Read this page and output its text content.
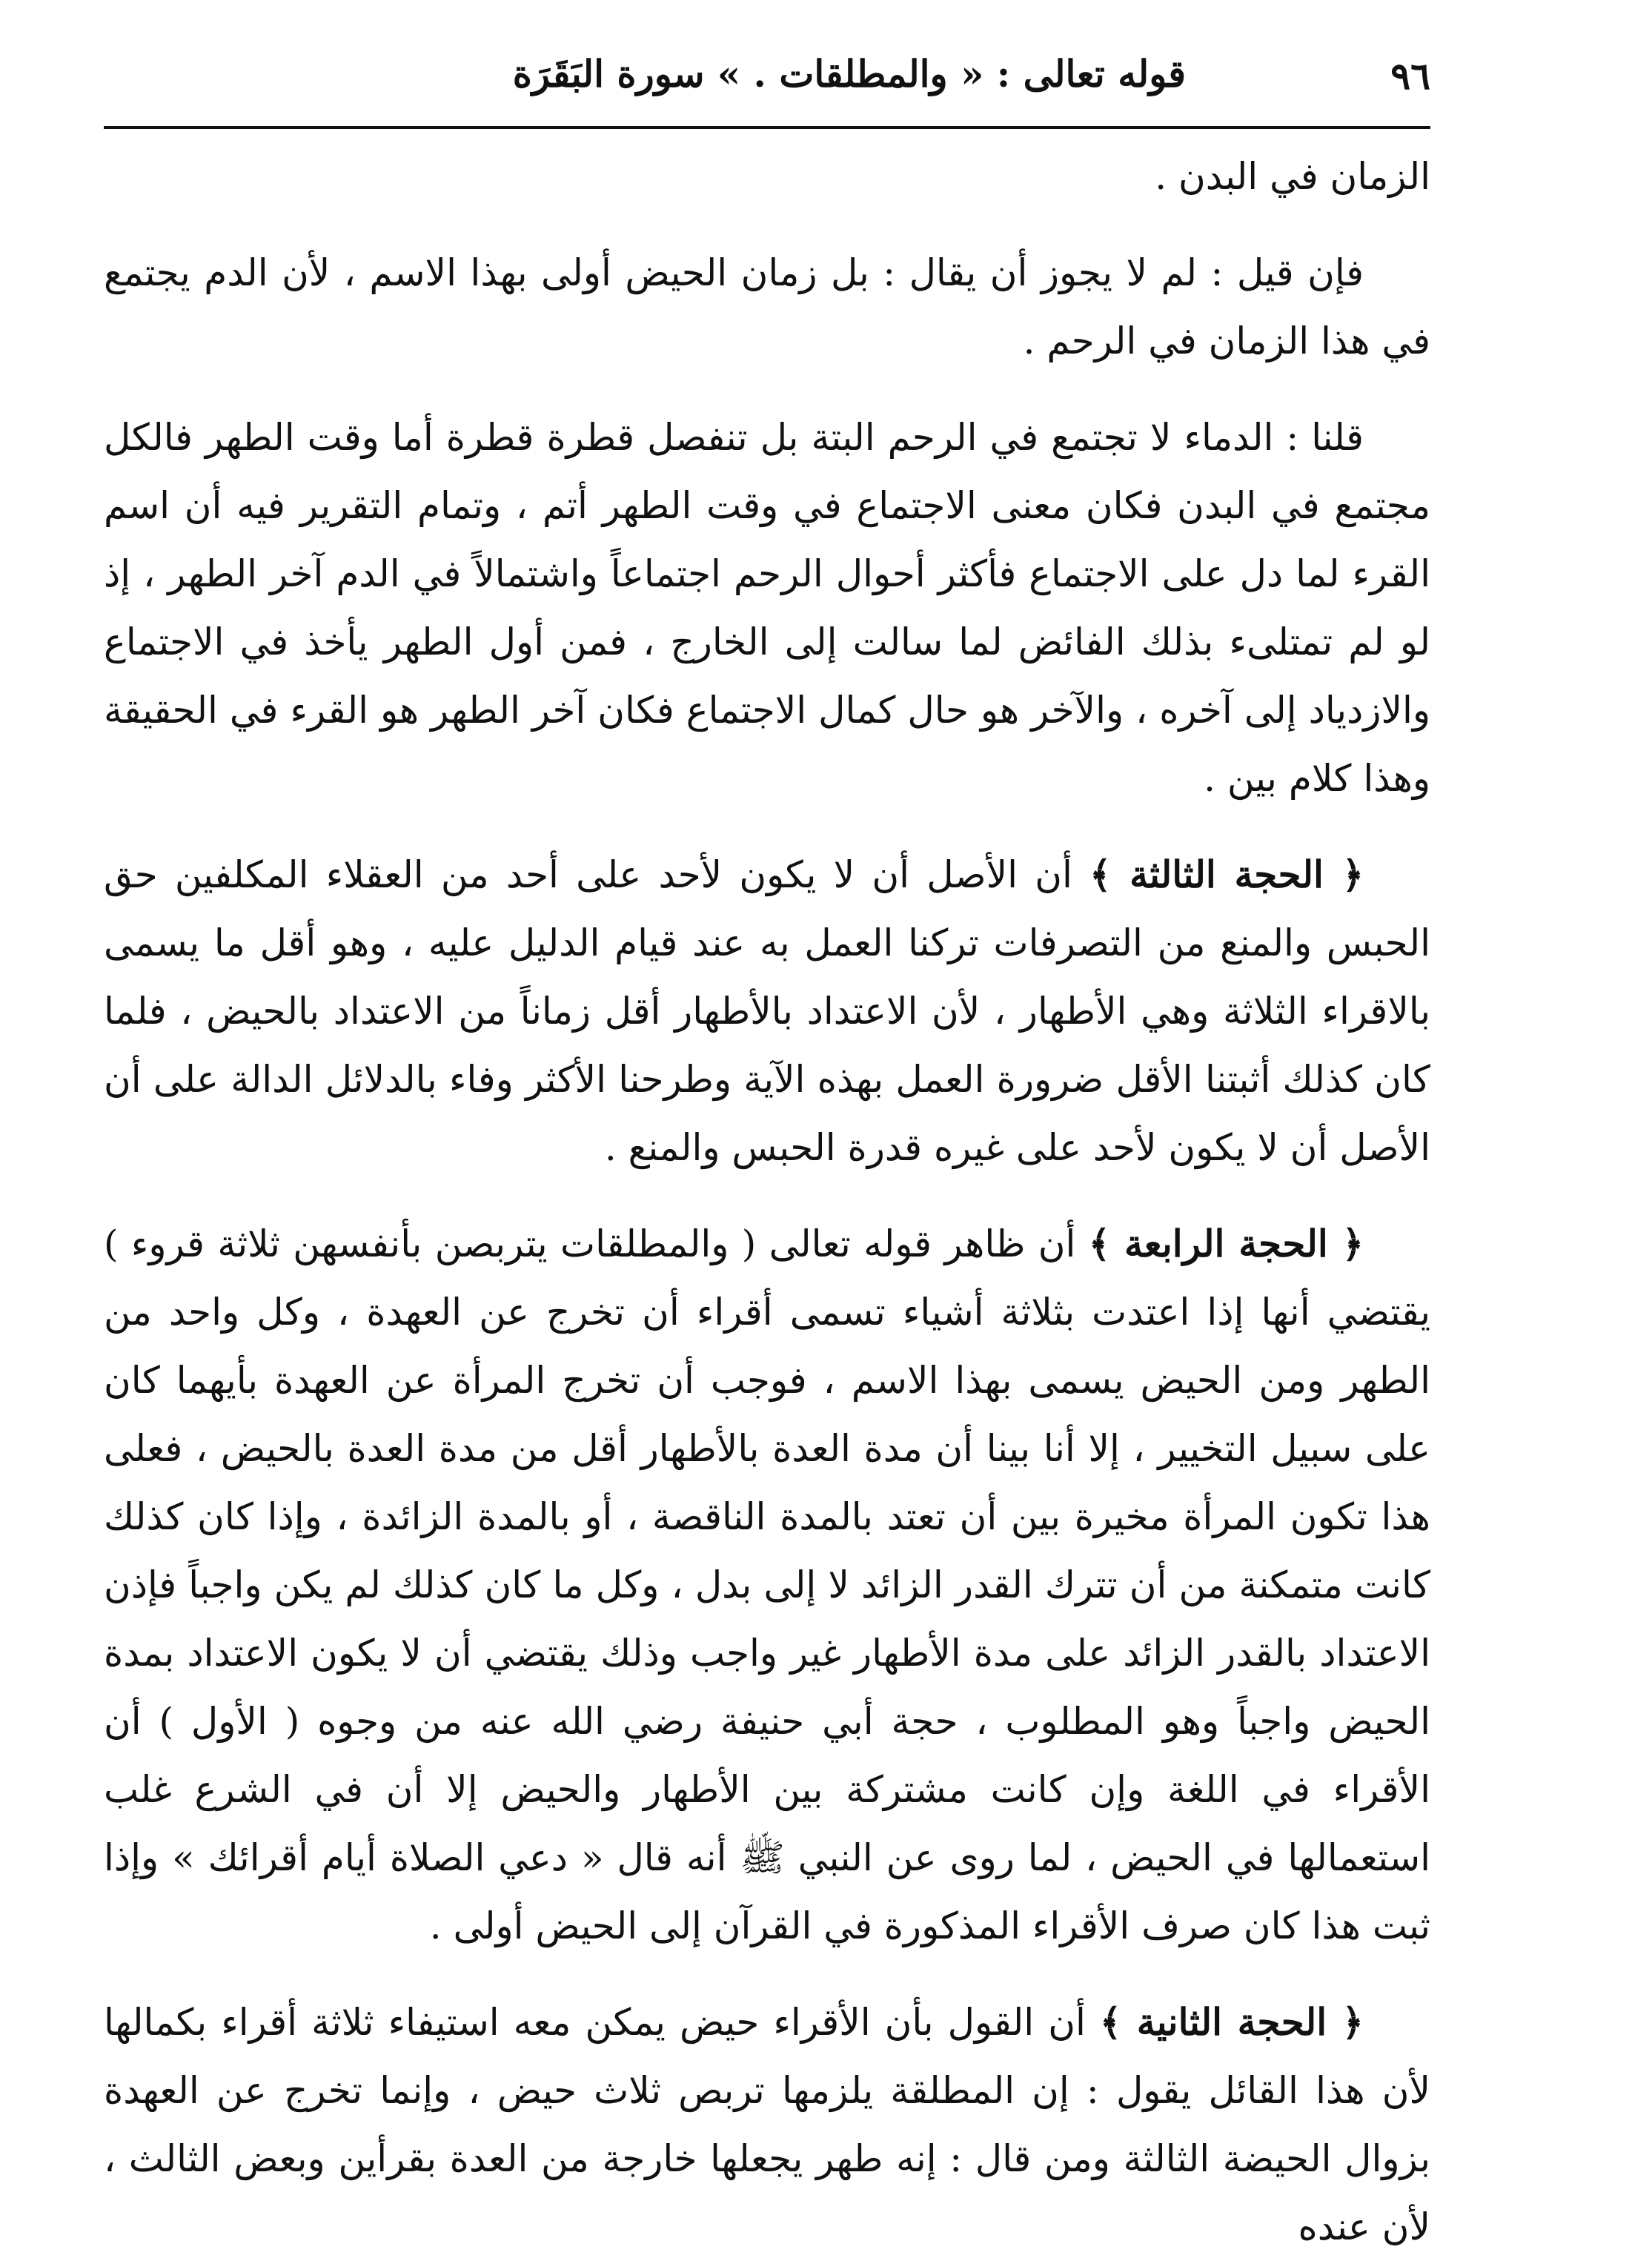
٩٦
قوله تعالى : « والمطلقات . » سورة البَقَرَة

الزمان في البدن .

فإن قيل : لم لا يجوز أن يقال : بل زمان الحيض أولى بهذا الاسم ، لأن الدم يجتمع في هذا الزمان في الرحم .

قلنا : الدماء لا تجتمع في الرحم البتة بل تنفصل قطرة قطرة أما وقت الطهر فالكل مجتمع في البدن فكان معنى الاجتماع في وقت الطهر أتم ، وتمام التقرير فيه أن اسم القرء لما دل على الاجتماع فأكثر أحوال الرحم اجتماعاً واشتمالاً في الدم آخر الطهر ، إذ لو لم تمتلىء بذلك الفائض لما سالت إلى الخارج ، فمن أول الطهر يأخذ في الاجتماع والازدياد إلى آخره ، والآخر هو حال كمال الاجتماع فكان آخر الطهر هو القرء في الحقيقة وهذا كلام بين .

﴿ الحجة الثالثة ﴾ أن الأصل أن لا يكون لأحد على أحد من العقلاء المكلفين حق الحبس والمنع من التصرفات تركنا العمل به عند قيام الدليل عليه ، وهو أقل ما يسمى بالاقراء الثلاثة وهي الأطهار ، لأن الاعتداد بالأطهار أقل زماناً من الاعتداد بالحيض ، فلما كان كذلك أثبتنا الأقل ضرورة العمل بهذه الآية وطرحنا الأكثر وفاء بالدلائل الدالة على أن الأصل أن لا يكون لأحد على غيره قدرة الحبس والمنع .

﴿ الحجة الرابعة ﴾ أن ظاهر قوله تعالى ( والمطلقات يتربصن بأنفسهن ثلاثة قروء ) يقتضي أنها إذا اعتدت بثلاثة أشياء تسمى أقراء أن تخرج عن العهدة ، وكل واحد من الطهر ومن الحيض يسمى بهذا الاسم ، فوجب أن تخرج المرأة عن العهدة بأيهما كان على سبيل التخيير ، إلا أنا بينا أن مدة العدة بالأطهار أقل من مدة العدة بالحيض ، فعلى هذا تكون المرأة مخيرة بين أن تعتد بالمدة الناقصة ، أو بالمدة الزائدة ، وإذا كان كذلك كانت متمكنة من أن تترك القدر الزائد لا إلى بدل ، وكل ما كان كذلك لم يكن واجباً فإذن الاعتداد بالقدر الزائد على مدة الأطهار غير واجب وذلك يقتضي أن لا يكون الاعتداد بمدة الحيض واجباً وهو المطلوب ، حجة أبي حنيفة رضي الله عنه من وجوه ( الأول ) أن الأقراء في اللغة وإن كانت مشتركة بين الأطهار والحيض إلا أن في الشرع غلب استعمالها في الحيض ، لما روى عن النبي ﷺ أنه قال « دعي الصلاة أيام أقرائك » وإذا ثبت هذا كان صرف الأقراء المذكورة في القرآن إلى الحيض أولى .

﴿ الحجة الثانية ﴾ أن القول بأن الأقراء حيض يمكن معه استيفاء ثلاثة أقراء بكمالها لأن هذا القائل يقول : إن المطلقة يلزمها تربص ثلاث حيض ، وإنما تخرج عن العهدة بزوال الحيضة الثالثة ومن قال : إنه طهر يجعلها خارجة من العدة بقرأين وبعض الثالث ، لأن عنده
